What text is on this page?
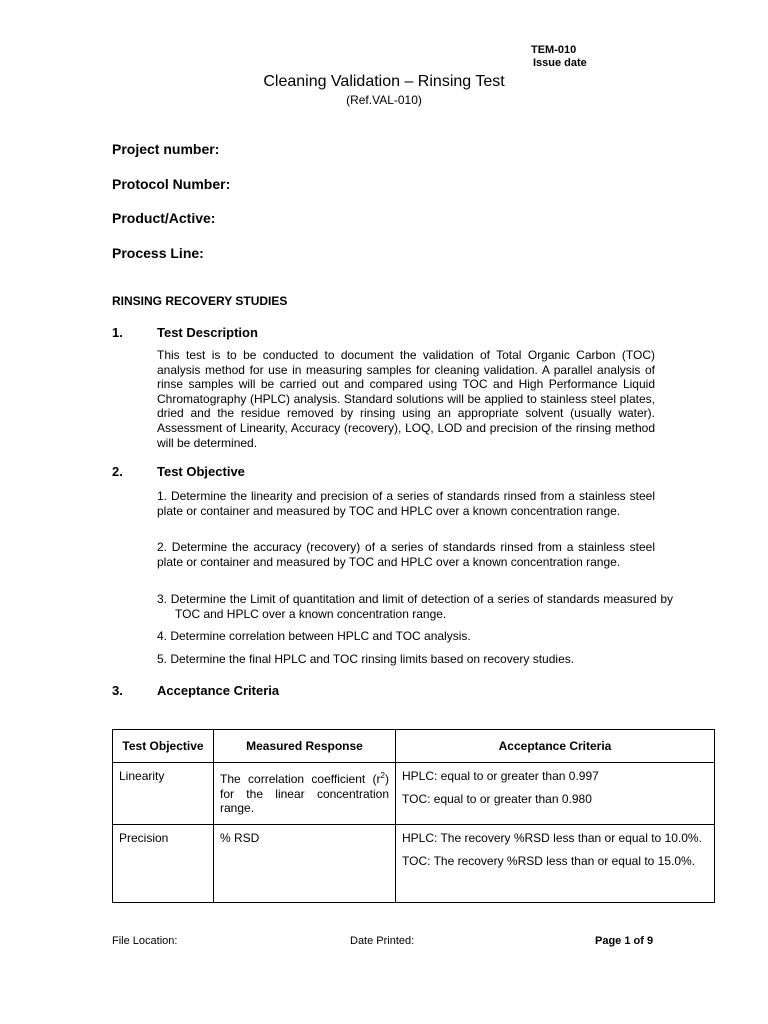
TEM-010
Issue date
Cleaning Validation – Rinsing Test
(Ref.VAL-010)
Project number:
Protocol Number:
Product/Active:
Process Line:
RINSING RECOVERY STUDIES
1.	Test Description
This test is to be conducted to document the validation of Total Organic Carbon (TOC) analysis method for use in measuring samples for cleaning validation. A parallel analysis of rinse samples will be carried out and compared using TOC and High Performance Liquid Chromatography (HPLC) analysis. Standard solutions will be applied to stainless steel plates, dried and the residue removed by rinsing using an appropriate solvent (usually water). Assessment of Linearity, Accuracy (recovery), LOQ, LOD and precision of the rinsing method will be determined.
2.	Test Objective
1. Determine the linearity and precision of a series of standards rinsed from a stainless steel plate or container and measured by TOC and HPLC over a known concentration range.
2. Determine the accuracy (recovery) of a series of standards rinsed from a stainless steel plate or container and measured by TOC and HPLC over a known concentration range.
3. Determine the Limit of quantitation and limit of detection of a series of standards measured by TOC and HPLC over a known concentration range.
4. Determine correlation between HPLC and TOC analysis.
5. Determine the final HPLC and TOC rinsing limits based on recovery studies.
3.	Acceptance Criteria
Test Objective	Measured Response	Acceptance Criteria
Linearity	The correlation coefficient $(r^2)$ for the linear concentration range.	HPLC: equal to or greater than 0.997

TOC: equal to or greater than 0.980

Precision	% RSD	HPLC: The recovery %RSD less than or equal to 10.0%.

TOC: The recovery %RSD less than or equal to 15.0%.

File Location:	Date Printed:	Page 1 of 9
